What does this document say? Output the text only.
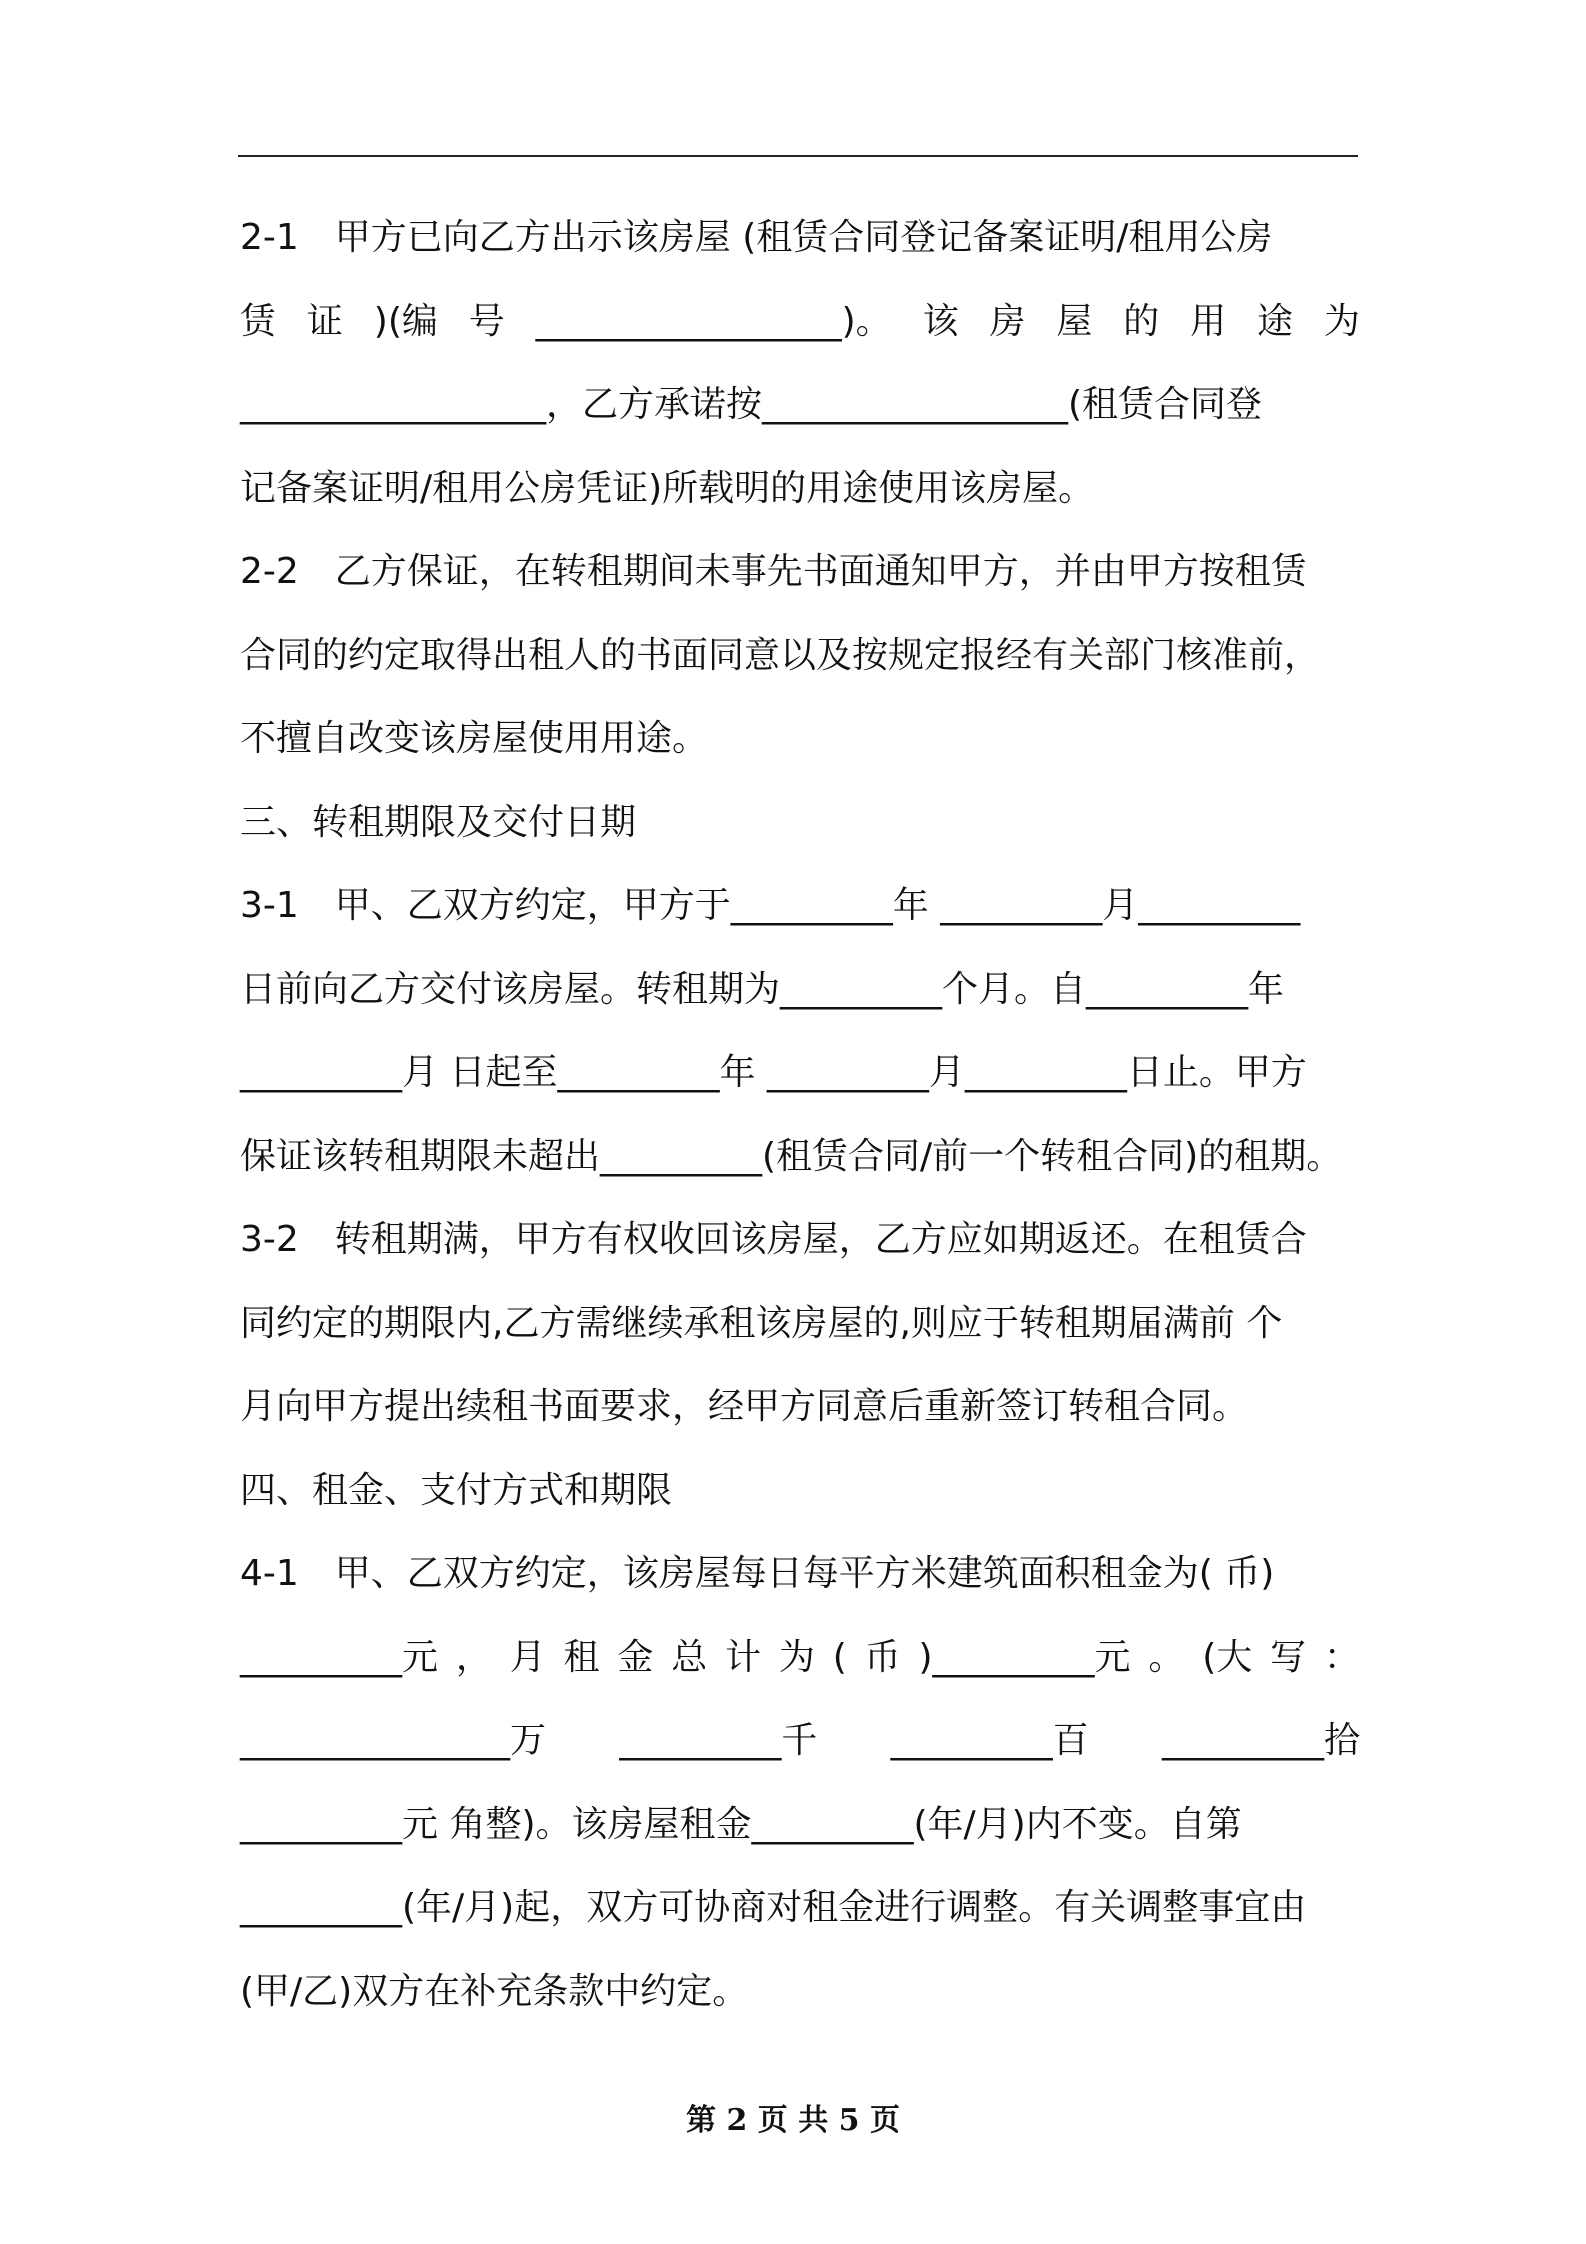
2-1　甲方已向乙方出示该房屋 (租赁合同登记备案证明/租用公房
赁 证 )(编 号 _________________)。 该 房 屋 的 用 途 为
_________________，乙方承诺按_________________(租赁合同登
记备案证明/租用公房凭证)所载明的用途使用该房屋。
2-2　乙方保证，在转租期间未事先书面通知甲方，并由甲方按租赁
合同的约定取得出租人的书面同意以及按规定报经有关部门核准前，
不擅自改变该房屋使用用途。
三、转租期限及交付日期
3-1　甲、乙双方约定，甲方于_________年 _________月_________
日前向乙方交付该房屋。转租期为_________个月。自_________年
_________月 日起至_________年 _________月_________日止。甲方
保证该转租期限未超出_________(租赁合同/前一个转租合同)的租期。
3-2　转租期满，甲方有权收回该房屋，乙方应如期返还。在租赁合
同约定的期限内,乙方需继续承租该房屋的,则应于转租期届满前 个
月向甲方提出续租书面要求，经甲方同意后重新签订转租合同。
四、租金、支付方式和期限
4-1　甲、乙双方约定，该房屋每日每平方米建筑面积租金为( 币)
_________元 ， 月 租 金 总 计 为 ( 币 )_________元 。 (大 写 ：
_______________万 _________千 _________百 _________拾
_________元 角整)。该房屋租金_________(年/月)内不变。自第
_________(年/月)起，双方可协商对租金进行调整。有关调整事宜由
(甲/乙)双方在补充条款中约定。
第 2 页 共 5 页
